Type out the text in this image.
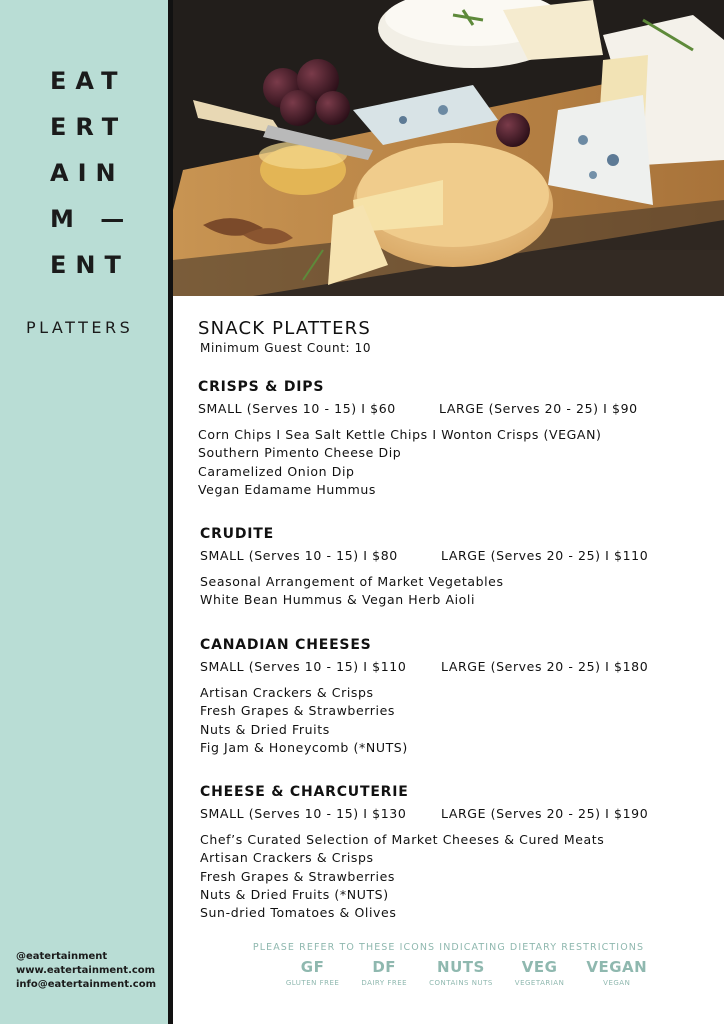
EAT
ERT
AIN
M —
ENT
PLATTERS
@eatertainment
www.eatertainment.com
info@eatertainment.com
SNACK PLATTERS
Minimum Guest Count: 10
CRISPS & DIPS
SMALL (Serves 10 - 15) I $60	LARGE (Serves 20 - 25) I $90
Corn Chips I Sea Salt Kettle Chips I Wonton Crisps (VEGAN)
Southern Pimento Cheese Dip
Caramelized Onion Dip
Vegan Edamame Hummus
CRUDITE
SMALL (Serves 10 - 15) I $80	LARGE (Serves 20 - 25) I $110
Seasonal Arrangement of Market Vegetables
White Bean Hummus & Vegan Herb Aioli
CANADIAN CHEESES
SMALL (Serves 10 - 15) I $110	LARGE (Serves 20 - 25) I $180
Artisan Crackers & Crisps
Fresh Grapes & Strawberries
Nuts & Dried Fruits
Fig Jam & Honeycomb (*NUTS)
CHEESE & CHARCUTERIE
SMALL (Serves 10 - 15) I $130	LARGE (Serves 20 - 25) I $190
Chef’s Curated Selection of Market Cheeses & Cured Meats
Artisan Crackers & Crisps
Fresh Grapes & Strawberries
Nuts & Dried Fruits (*NUTS)
Sun-dried Tomatoes & Olives
PLEASE REFER TO THESE ICONS INDICATING DIETARY RESTRICTIONS
GF
GLUTEN FREE
DF
DAIRY FREE
NUTS
CONTAINS NUTS
VEG
VEGETARIAN
VEGAN
VEGAN
